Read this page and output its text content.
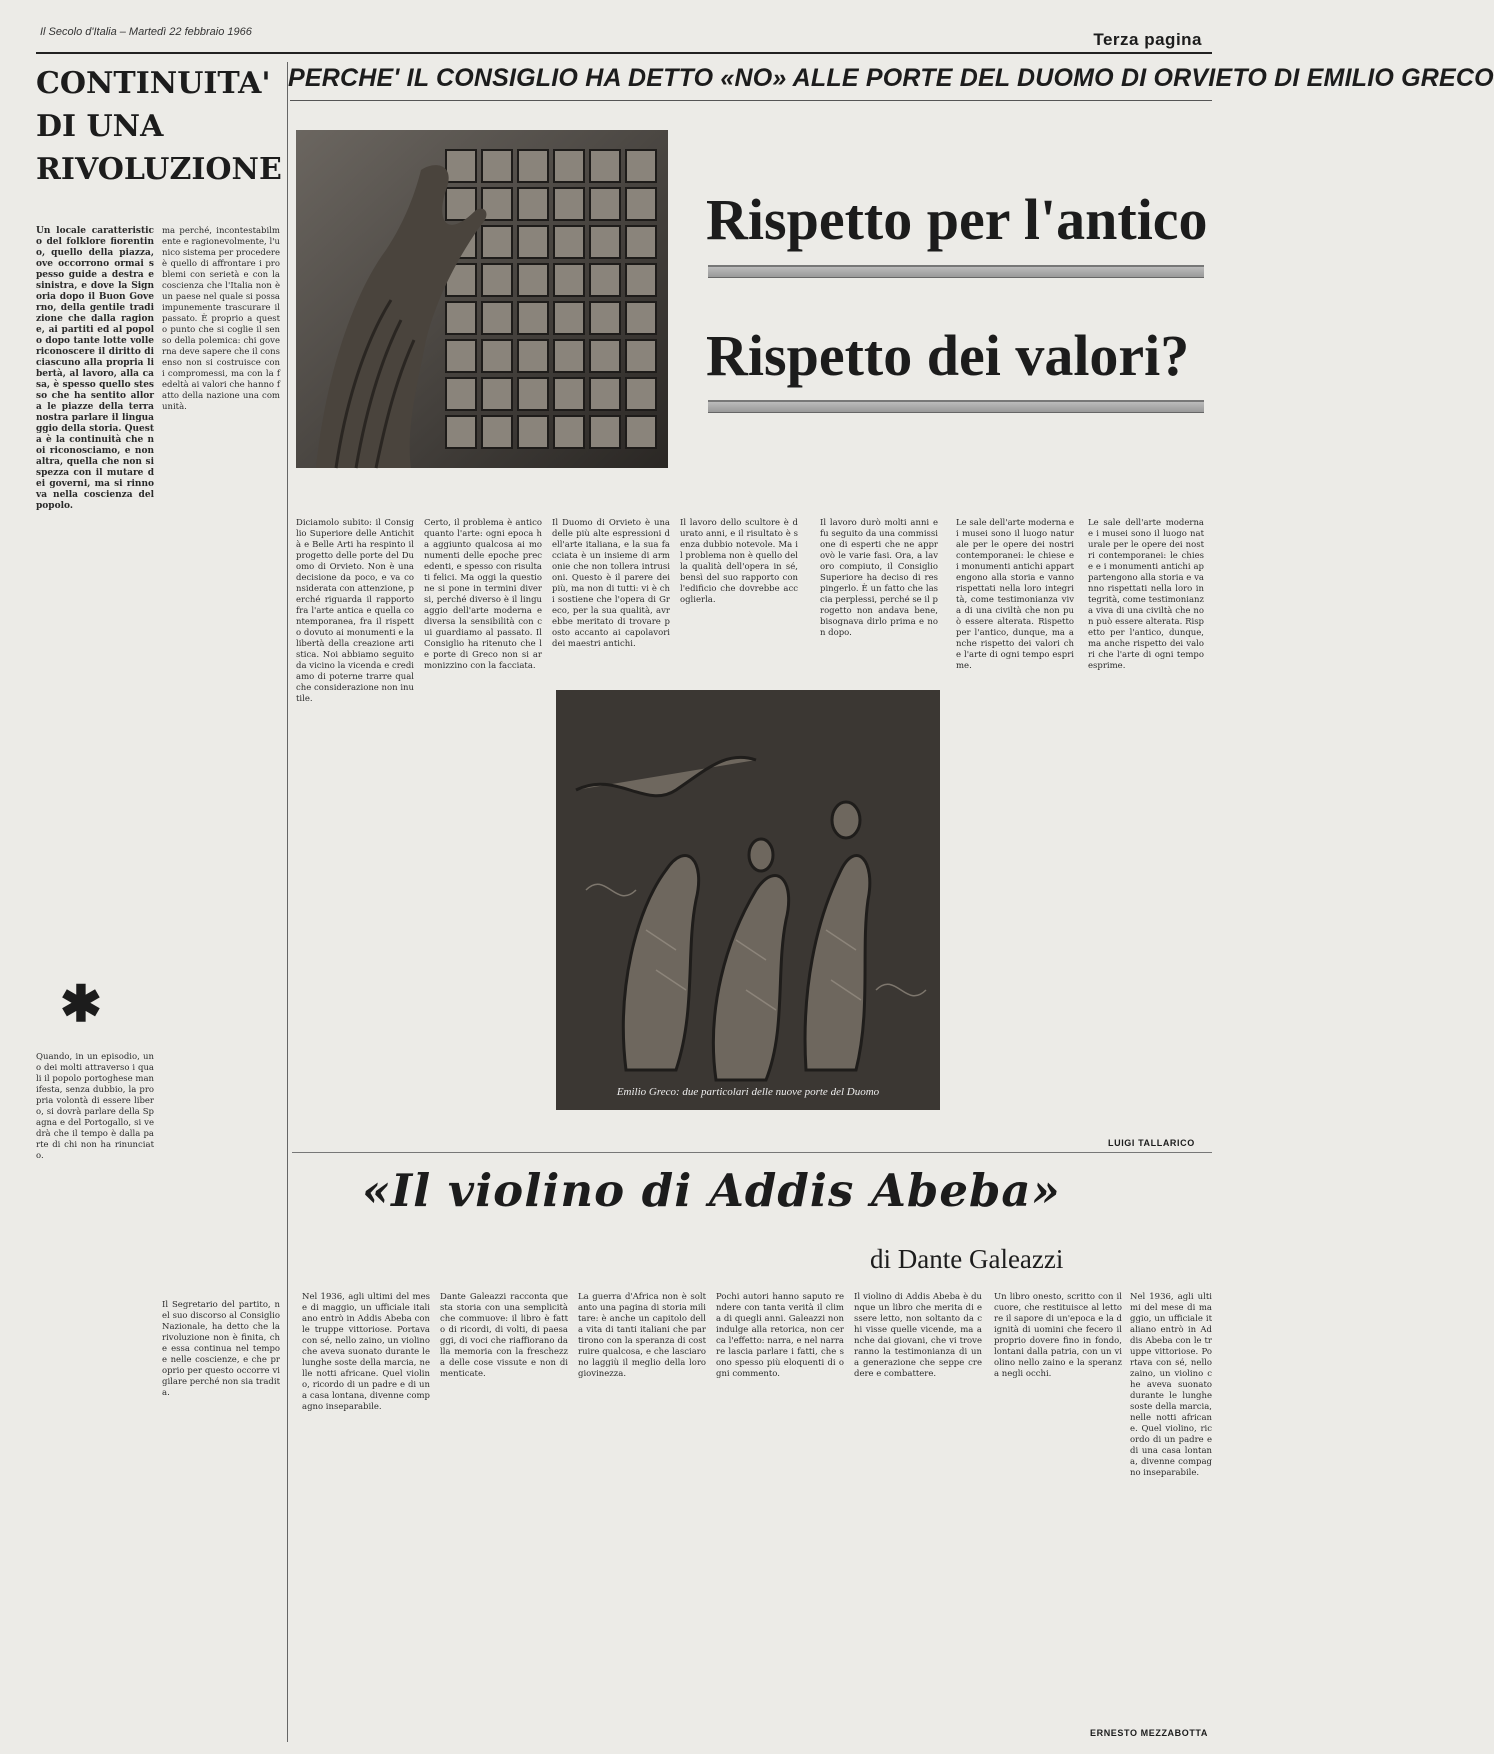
Il Secolo d'Italia – Martedì 22 febbraio 1966	Terza pagina
CONTINUITA'
DI UNA
RIVOLUZIONE
Un locale caratteristico del folklore fiorentino, quello della piazza, ove occorrono ormai spesso guide a destra e sinistra, e dove la Signoria dopo il Buon Governo, della gentile tradizione che dalla ragione, ai partiti ed al popolo dopo tante lotte volle riconoscere il diritto di ciascuno alla propria libertà, al lavoro, alla casa, è spesso quello stesso che ha sentito allora le piazze della terra nostra parlare il linguaggio della storia. Questa è la continuità che noi riconosciamo, e non altra, quella che non si spezza con il mutare dei governi, ma si rinnova nella coscienza del popolo.
ma perché, incontestabilmente e ragionevolmente, l'unico sistema per procedere è quello di affrontare i problemi con serietà e con la coscienza che l'Italia non è un paese nel quale si possa impunemente trascurare il passato. È proprio a questo punto che si coglie il senso della polemica: chi governa deve sapere che il consenso non si costruisce con i compromessi, ma con la fedeltà ai valori che hanno fatto della nazione una comunità.
✱
Quando, in un episodio, uno dei molti attraverso i quali il popolo portoghese manifesta, senza dubbio, la propria volontà di essere libero, si dovrà parlare della Spagna e del Portogallo, si vedrà che il tempo è dalla parte di chi non ha rinunciato.
Il Segretario del partito, nel suo discorso al Consiglio Nazionale, ha detto che la rivoluzione non è finita, che essa continua nel tempo e nelle coscienze, e che proprio per questo occorre vigilare perché non sia tradita.
PERCHE' IL CONSIGLIO HA DETTO «NO» ALLE PORTE DEL DUOMO DI ORVIETO DI EMILIO GRECO
Rispetto per l'antico
Rispetto dei valori?
Diciamolo subito: il Consiglio Superiore delle Antichità e Belle Arti ha respinto il progetto delle porte del Duomo di Orvieto. Non è una decisione da poco, e va considerata con attenzione, perché riguarda il rapporto fra l'arte antica e quella contemporanea, fra il rispetto dovuto ai monumenti e la libertà della creazione artistica. Noi abbiamo seguito da vicino la vicenda e crediamo di poterne trarre qualche considerazione non inutile.
Certo, il problema è antico quanto l'arte: ogni epoca ha aggiunto qualcosa ai monumenti delle epoche precedenti, e spesso con risultati felici. Ma oggi la questione si pone in termini diversi, perché diverso è il linguaggio dell'arte moderna e diversa la sensibilità con cui guardiamo al passato. Il Consiglio ha ritenuto che le porte di Greco non si armonizzino con la facciata.
Il Duomo di Orvieto è una delle più alte espressioni dell'arte italiana, e la sua facciata è un insieme di armonie che non tollera intrusioni. Questo è il parere dei più, ma non di tutti: vi è chi sostiene che l'opera di Greco, per la sua qualità, avrebbe meritato di trovare posto accanto ai capolavori dei maestri antichi.
Il lavoro dello scultore è durato anni, e il risultato è senza dubbio notevole. Ma il problema non è quello della qualità dell'opera in sé, bensì del suo rapporto con l'edificio che dovrebbe accoglierla.
Il lavoro durò molti anni e fu seguito da una commissione di esperti che ne approvò le varie fasi. Ora, a lavoro compiuto, il Consiglio Superiore ha deciso di respingerlo. È un fatto che lascia perplessi, perché se il progetto non andava bene, bisognava dirlo prima e non dopo.
Le sale dell'arte moderna e i musei sono il luogo naturale per le opere dei nostri contemporanei: le chiese e i monumenti antichi appartengono alla storia e vanno rispettati nella loro integrità, come testimonianza viva di una civiltà che non può essere alterata. Rispetto per l'antico, dunque, ma anche rispetto dei valori che l'arte di ogni tempo esprime.
Le sale dell'arte moderna e i musei sono il luogo naturale per le opere dei nostri contemporanei: le chiese e i monumenti antichi appartengono alla storia e vanno rispettati nella loro integrità, come testimonianza viva di una civiltà che non può essere alterata. Rispetto per l'antico, dunque, ma anche rispetto dei valori che l'arte di ogni tempo esprime.
Emilio Greco: due particolari delle nuove porte del Duomo
LUIGI TALLARICO
«Il violino di Addis Abeba»
di Dante Galeazzi
Nel 1936, agli ultimi del mese di maggio, un ufficiale italiano entrò in Addis Abeba con le truppe vittoriose. Portava con sé, nello zaino, un violino che aveva suonato durante le lunghe soste della marcia, nelle notti africane. Quel violino, ricordo di un padre e di una casa lontana, divenne compagno inseparabile.
Dante Galeazzi racconta questa storia con una semplicità che commuove: il libro è fatto di ricordi, di volti, di paesaggi, di voci che riaffiorano dalla memoria con la freschezza delle cose vissute e non dimenticate.
La guerra d'Africa non è soltanto una pagina di storia militare: è anche un capitolo della vita di tanti italiani che partirono con la speranza di costruire qualcosa, e che lasciarono laggiù il meglio della loro giovinezza.
Pochi autori hanno saputo rendere con tanta verità il clima di quegli anni. Galeazzi non indulge alla retorica, non cerca l'effetto: narra, e nel narrare lascia parlare i fatti, che sono spesso più eloquenti di ogni commento.
Il violino di Addis Abeba è dunque un libro che merita di essere letto, non soltanto da chi visse quelle vicende, ma anche dai giovani, che vi troveranno la testimonianza di una generazione che seppe credere e combattere.
Un libro onesto, scritto con il cuore, che restituisce al lettore il sapore di un'epoca e la dignità di uomini che fecero il proprio dovere fino in fondo, lontani dalla patria, con un violino nello zaino e la speranza negli occhi.
Nel 1936, agli ultimi del mese di maggio, un ufficiale italiano entrò in Addis Abeba con le truppe vittoriose. Portava con sé, nello zaino, un violino che aveva suonato durante le lunghe soste della marcia, nelle notti africane. Quel violino, ricordo di un padre e di una casa lontana, divenne compagno inseparabile.
ERNESTO MEZZABOTTA
